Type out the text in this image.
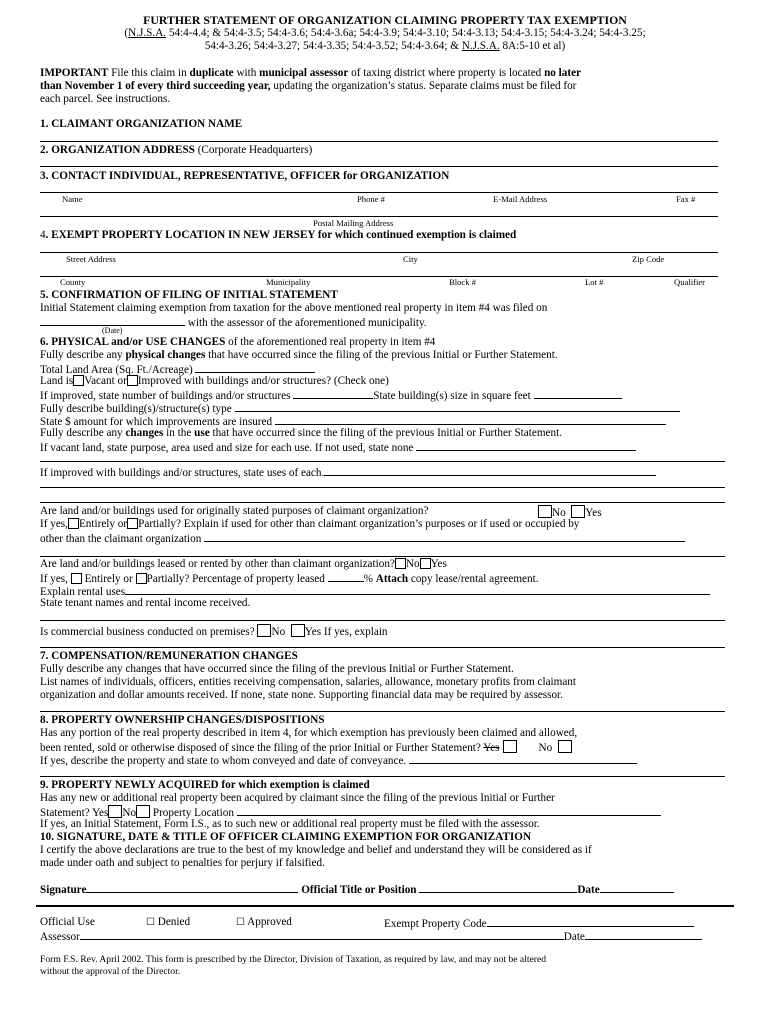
FURTHER STATEMENT OF ORGANIZATION CLAIMING PROPERTY TAX EXEMPTION
(N.J.S.A. 54:4-4.4; & 54:4-3.5; 54:4-3.6; 54:4-3.6a; 54:4-3.9; 54:4-3.10; 54:4-3.13; 54:4-3.15; 54:4-3.24; 54:4-3.25;
54:4-3.26; 54:4-3.27; 54:4-3.35; 54:4-3.52; 54:4-3.64; & N.J.S.A. 8A:5-10 et al)
IMPORTANT File this claim in duplicate with municipal assessor of taxing district where property is located no later
than November 1 of every third succeeding year, updating the organization’s status. Separate claims must be filed for
each parcel. See instructions.
1. CLAIMANT ORGANIZATION NAME
2. ORGANIZATION ADDRESS (Corporate Headquarters)
3. CONTACT INDIVIDUAL, REPRESENTATIVE, OFFICER for ORGANIZATION
Name	Phone #	E-Mail Address	Fax #
Postal Mailing Address
4. EXEMPT PROPERTY LOCATION IN NEW JERSEY for which continued exemption is claimed
Street Address	City	Zip Code
County	Municipality	Block #	Lot #	Qualifier
5. CONFIRMATION OF FILING OF INITIAL STATEMENT
Initial Statement claiming exemption from taxation for the above mentioned real property in item #4 was filed on
with the assessor of the aforementioned municipality.
(Date)
6. PHYSICAL and/or USE CHANGES of the aforementioned real property in item #4
Fully describe any physical changes that have occurred since the filing of the previous Initial or Further Statement.
Total Land Area (Sq. Ft./Acreage)
Land is Vacant or Improved with buildings and/or structures? (Check one)
If improved, state number of buildings and/or structures	State building(s) size in square feet
Fully describe building(s)/structure(s) type
State $ amount for which improvements are insured
Fully describe any changes in the use that have occurred since the filing of the previous Initial or Further Statement.
If vacant land, state purpose, area used and size for each use. If not used, state none
If improved with buildings and/or structures, state uses of each.
Are land and/or buildings used for originally stated purposes of claimant organization?	No Yes
If yes, Entirely or Partially? Explain if used for other than claimant organization’s purposes or if used or occupied by
other than the claimant organization
Are land and/or buildings leased or rented by other than claimant organization? No Yes
If yes,  Entirely or Partially? Percentage of property leased	% Attach copy lease/rental agreement.
Explain rental uses
State tenant names and rental income received.
Is commercial business conducted on premises? No Yes If yes, explain
7. COMPENSATION/REMUNERATION CHANGES
Fully describe any changes that have occurred since the filing of the previous Initial or Further Statement.
List names of individuals, officers, entities receiving compensation, salaries, allowance, monetary profits from claimant
organization and dollar amounts received. If none, state none. Supporting financial data may be required by assessor.
8. PROPERTY OWNERSHIP CHANGES/DISPOSITIONS
Has any portion of the real property described in item 4, for which exemption has previously been claimed and allowed,
been rented, sold or otherwise disposed of since the filing of the prior Initial or Further Statement? Yes	No
If yes, describe the property and state to whom conveyed and date of conveyance.
9. PROPERTY NEWLY ACQUIRED for which exemption is claimed
Has any new or additional real property been acquired by claimant since the filing of the previous Initial or Further
Statement? Yes No Property Location
If yes, an Initial Statement, Form I.S., as to such new or additional real property must be filed with the assessor.
10. SIGNATURE, DATE & TITLE OF OFFICER CLAIMING EXEMPTION FOR ORGANIZATION
I certify the above declarations are true to the best of my knowledge and belief and understand they will be considered as if
made under oath and subject to penalties for perjury if falsified.
Signature	Official Title or Position	Date
Official Use	☐ Denied	☐ Approved	Exempt Property Code
Assessor	Date
Form F.S. Rev. April 2002. This form is prescribed by the Director, Division of Taxation, as required by law, and may not be altered
without the approval of the Director.
